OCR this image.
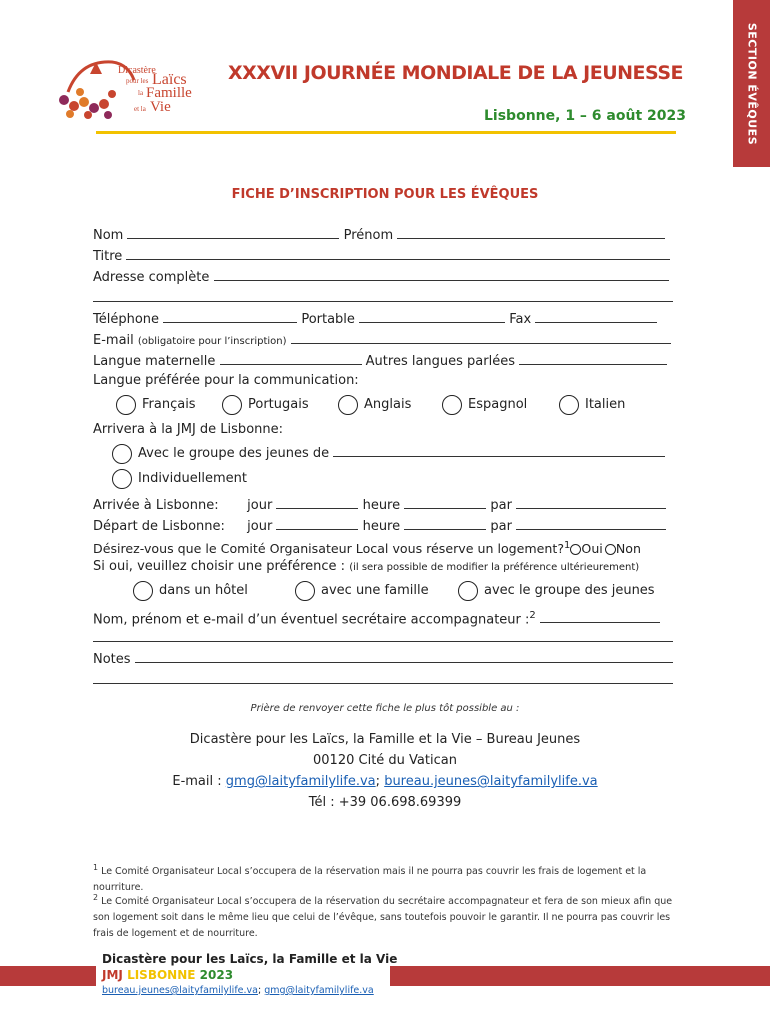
SECTION ÉVÊQUES
Dicastère
pour les Laïcs
la Famille
et la Vie
XXXVII JOURNÉE MONDIALE DE LA JEUNESSE
Lisbonne, 1 – 6 août 2023
FICHE D’INSCRIPTION POUR LES ÉVÊQUES
Nom	Prénom
Titre
Adresse complète
Téléphone	Portable	Fax
E-mail (obligatoire pour l’inscription)
Langue maternelle	Autres langues parlées
Langue préférée pour la communication:
Français	Portugais	Anglais	Espagnol	Italien
Arrivera à la JMJ de Lisbonne:
Avec le groupe des jeunes de
Individuellement
Arrivée à Lisbonne: jour	heure	par
Départ de Lisbonne: jour	heure	par
Désirez-vous que le Comité Organisateur Local vous réserve un logement?$^1$ Oui Non
Si oui, veuillez choisir une préférence : (il sera possible de modifier la préférence ultérieurement)
dans un hôtel	avec une famille	avec le groupe des jeunes
Nom, prénom et e-mail d’un éventuel secrétaire accompagnateur :$^2$
Notes
Prière de renvoyer cette fiche le plus tôt possible au :
Dicastère pour les Laïcs, la Famille et la Vie – Bureau Jeunes
00120 Cité du Vatican
E-mail : gmg@laityfamilylife.va; bureau.jeunes@laityfamilylife.va
Tél : +39 06.698.69399
$^1$ Le Comité Organisateur Local s’occupera de la réservation mais il ne pourra pas couvrir les frais de logement et la nourriture.
$^2$ Le Comité Organisateur Local s’occupera de la réservation du secrétaire accompagnateur et fera de son mieux afin que son logement soit dans le même lieu que celui de l’évêque, sans toutefois pouvoir le garantir. Il ne pourra pas couvrir les frais de logement et de nourriture.
Dicastère pour les Laïcs, la Famille et la Vie
JMJ LISBONNE 2023
bureau.jeunes@laityfamilylife.va; gmg@laityfamilylife.va
